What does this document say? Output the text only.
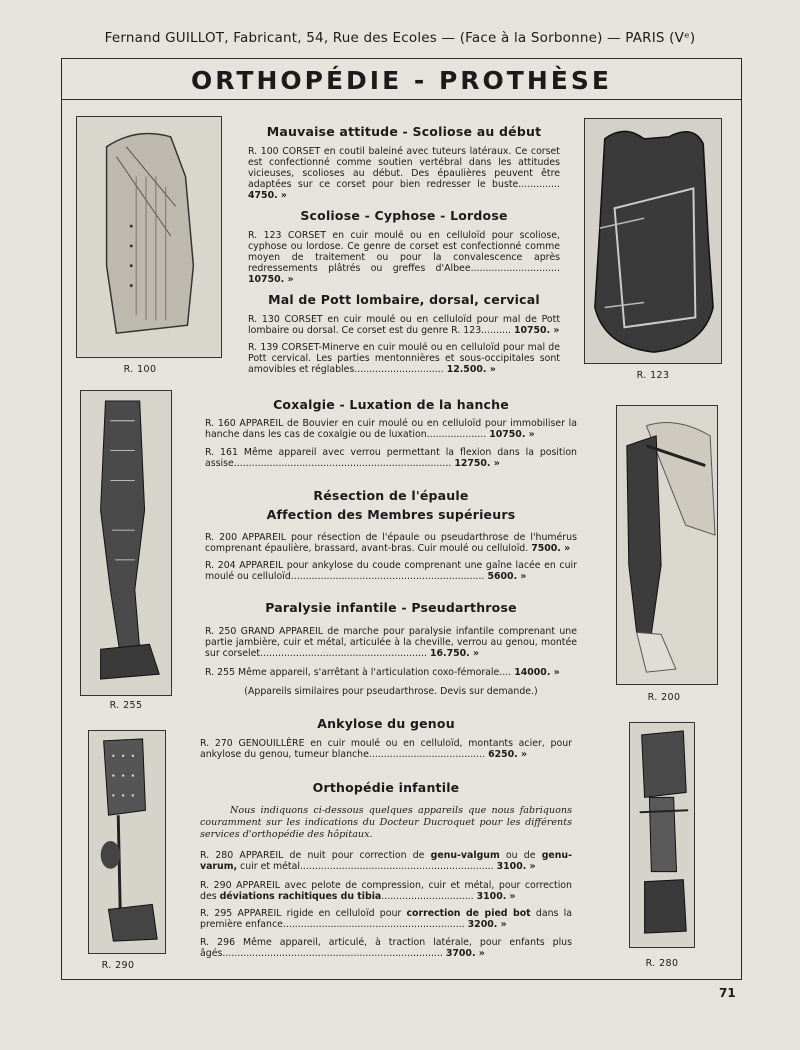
Fernand GUILLOT, Fabricant, 54, Rue des Ecoles — (Face à la Sorbonne) — PARIS (Vᵉ)
ORTHOPÉDIE - PROTHÈSE
R. 100
R. 123
R. 255
R. 200
R. 290	R. 280
Mauvaise attitude - Scoliose au début
R. 100 CORSET en coutil baleiné avec tuteurs latéraux. Ce corset est confectionné comme soutien vertébral dans les attitudes vicieuses, scolioses au début. Des épaulières peuvent être adaptées sur ce corset pour bien redresser le buste.............. 4750. »
Scoliose - Cyphose - Lordose
R. 123 CORSET en cuir moulé ou en celluloïd pour scoliose, cyphose ou lordose. Ce genre de corset est confectionné comme moyen de traitement ou pour la convalescence après redressements plâtrés ou greffes d'Albee.............................. 10750. »
Mal de Pott lombaire, dorsal, cervical
R. 130 CORSET en cuir moulé ou en celluloïd pour mal de Pott lombaire ou dorsal. Ce corset est du genre R. 123.......... 10750. »
R. 139 CORSET-Minerve en cuir moulé ou en celluloïd pour mal de Pott cervical. Les parties mentonnières et sous-occipitales sont amovibles et réglables.............................. 12.500. »
Coxalgie - Luxation de la hanche
R. 160 APPAREIL de Bouvier en cuir moulé ou en celluloïd pour immobiliser la hanche dans les cas de coxalgie ou de luxation.................... 10750. »
R. 161 Même appareil avec verrou permettant la flexion dans la position assise......................................................................... 12750. »
Résection de l'épaule
Affection des Membres supérieurs
R. 200 APPAREIL pour résection de l'épaule ou pseudarthrose de l'humérus comprenant épaulière, brassard, avant-bras. Cuir moulé ou celluloïd. 7500. »
R. 204 APPAREIL pour ankylose du coude comprenant une gaîne lacée en cuir moulé ou celluloïd................................................................. 5600. »
Paralysie infantile - Pseudarthrose
R. 250 GRAND APPAREIL de marche pour paralysie infantile comprenant une partie jambière, cuir et métal, articulée à la cheville, verrou au genou, montée sur corselet........................................................ 16.750. »
R. 255 Même appareil, s'arrêtant à l'articulation coxo-fémorale.... 14000. »
(Appareils similaires pour pseudarthrose. Devis sur demande.)
Ankylose du genou
R. 270 GENOUILLÈRE en cuir moulé ou en celluloïd, montants acier, pour ankylose du genou, tumeur blanche....................................... 6250. »
Orthopédie infantile
Nous indiquons ci-dessous quelques appareils que nous fabriquons couramment sur les indications du Docteur Ducroquet pour les différents services d'orthopédie des hôpitaux.
R. 280 APPAREIL de nuit pour correction de genu-valgum ou de genu-varum, cuir et métal................................................................. 3100. »
R. 290 APPAREIL avec pelote de compression, cuir et métal, pour correction des déviations rachitiques du tibia............................... 3100. »
R. 295 APPAREIL rigide en celluloïd pour correction de pied bot dans la première enfance............................................................. 3200. »
R. 296 Même appareil, articulé, à traction latérale, pour enfants plus âgés.......................................................................... 3700. »
71
